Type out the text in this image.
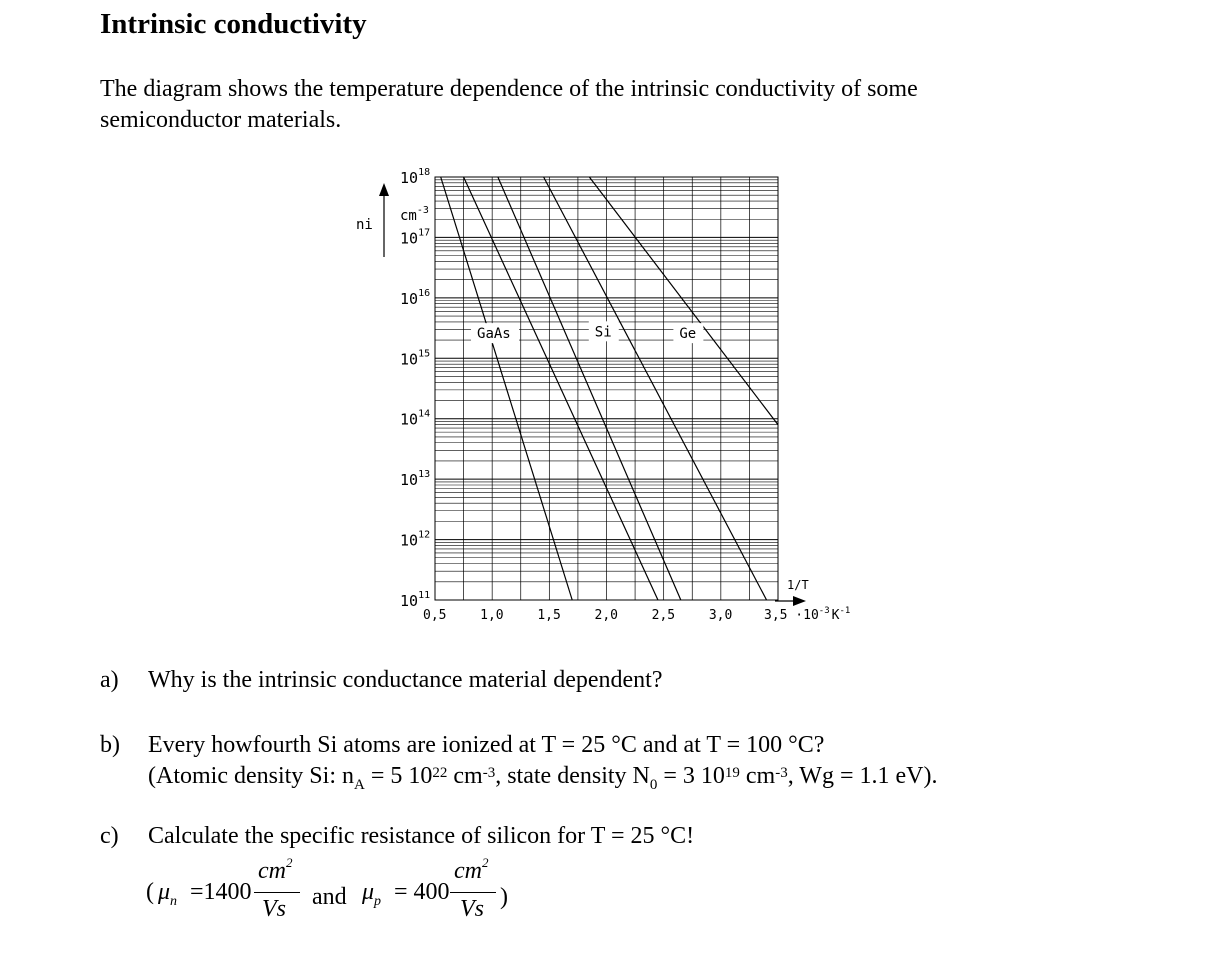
Intrinsic conductivity

The diagram shows the temperature dependence of the intrinsic conductivity of some semiconductor materials.

GaAs	Si	Ge
$10^{18}$
$10^{17}$
$10^{16}$
$10^{15}$
$10^{14}$
$10^{13}$
$10^{12}$
$10^{11}$
0,5	1,0	1,5	2,0	2,5	3,0
ni
$cm^{-3}$
1/T
$3,5 \cdot 10^{-3}$ $K^{-1}$
a) Why is the intrinsic conductance material dependent?
b) Every howfourth Si atoms are ionized at T = 25 °C and at T = 100 °C?
(Atomic density Si: $n_A = 5$ $10^{22}$ $cm^{-3}$, state density $N_0 = 3$ $10^{19}$ $cm^{-3}$, Wg = 1.1 eV).
c) Calculate the specific resistance of silicon for T = 25 °C!
( $\mu_n =1400$
$cm^2$
Vs and $\mu_p = 400$
$cm^2$
Vs )
